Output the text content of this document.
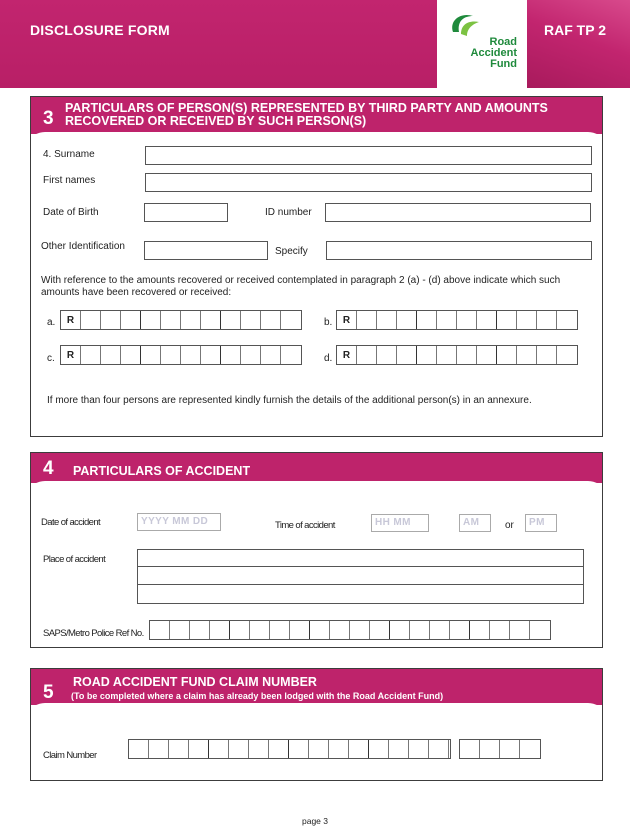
DISCLOSURE FORM
Road
Accident
Fund
RAF TP 2
3 PARTICULARS OF PERSON(S) REPRESENTED BY THIRD PARTY AND AMOUNTS
RECOVERED OR RECEIVED BY SUCH PERSON(S)
4. Surname
First names
Date of Birth	ID number
Other Identification	Specify
With reference to the amounts recovered or received contemplated in paragraph 2 (a) - (d) above indicate which such amounts have been recovered or received:
a.	R	b.	R
c.	R	d.	R
If more than four persons are represented kindly furnish the details of the additional person(s) in an annexure.
4 PARTICULARS OF ACCIDENT
Date of accident	YYYY MM DD	Time of accident	HH MM	AM	or	PM
Place of accident
SAPS/Metro Police Ref No.
5 ROAD ACCIDENT FUND CLAIM NUMBER
(To be completed where a claim has already been lodged with the Road Accident Fund)
Claim Number
page 3
